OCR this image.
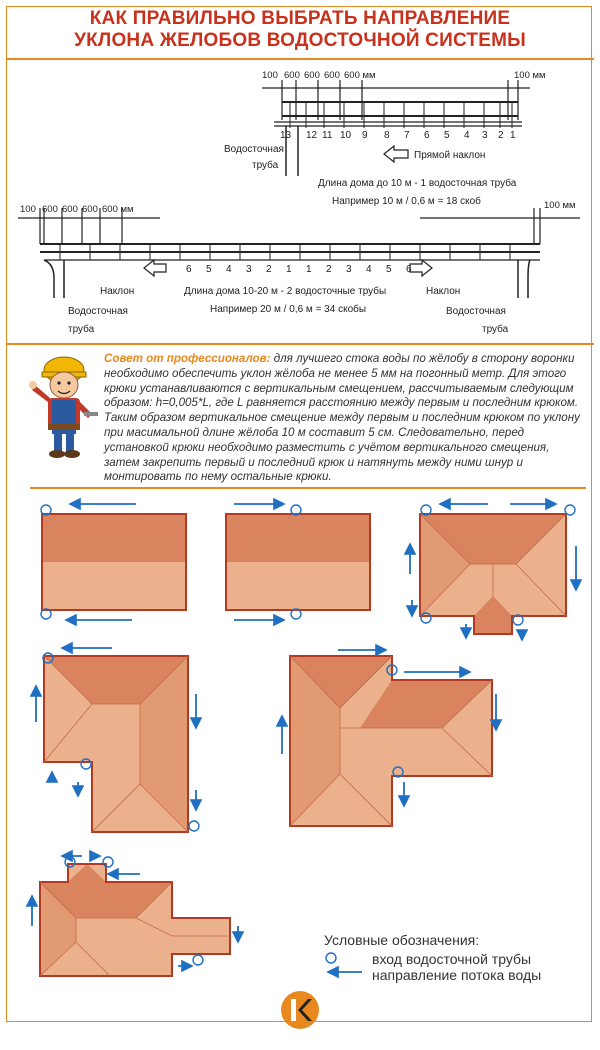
КАК ПРАВИЛЬНО ВЫБРАТЬ НАПРАВЛЕНИЕ
УКЛОНА ЖЕЛОБОВ ВОДОСТОЧНОЙ СИСТЕМЫ
100 600 600 600 600 мм	100 мм
13 12 11 10 9 8 7 6 5 4 3 2 1
Водосточная
труба
Прямой наклон
Длина дома до 10 м - 1 водосточная труба
Например 10 м / 0,6 м = 18 скоб
100 600 600 600 600 мм	100 мм
6 5 4 3 2 1 1 2 3 4 5 6
Наклон	Наклон
Длина дома 10-20 м - 2 водосточные трубы
Например 20 м / 0,6 м = 34 скобы
Водосточная
труба
Водосточная
труба
Совет от профессионалов: для лучшего стока воды по жёлобу в сторону воронки необходимо обеспечить уклон жёлоба не менее 5 мм на погонный метр. Для этого крюки устанавливаются с вертикальным смещением, рассчитываемым следующим образом: h=0,005*L, где L равняется расстоянию между первым и последним крюком. Таким образом вертикальное смещение между первым и последним крюком по уклону при масимальной длине жёлоба 10 м составит 5 см. Следовательно, перед установкой крюки необходимо разместить с учётом вертикального смещения, затем закрепить первый и последний крюк и натянуть между ними шнур и монтировать по нему остальные крюки.
Условные обозначения:
вход водосточной трубы
направление потока воды
